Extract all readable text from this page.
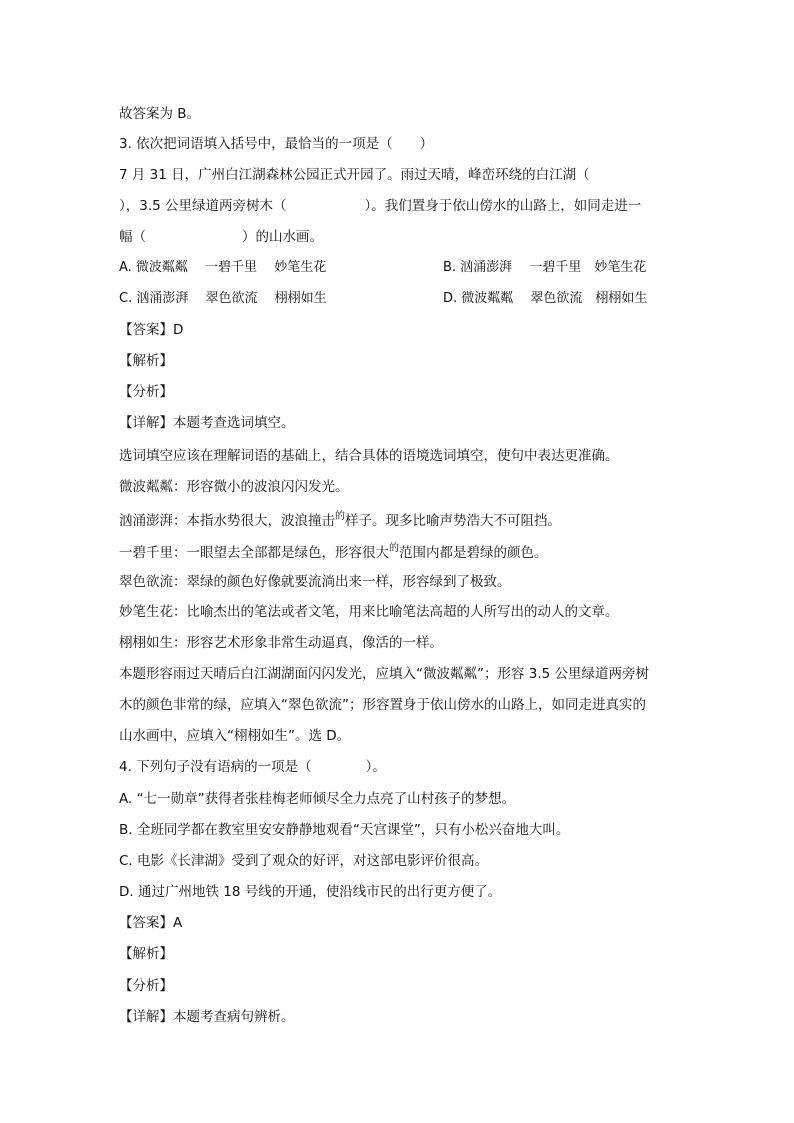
故答案为 B。
3. 依次把词语填入括号中，最恰当的一项是（　　）
7 月 31 日，广州白江湖森林公园正式开园了。雨过天晴，峰峦环绕的白江湖（
），3.5 公里绿道两旁树木（	）。我们置身于依山傍水的山路上，如同走进一
幅（	）的山水画。
A. 微波粼粼　 一碧千里　 妙笔生花	B. 汹涌澎湃　 一碧千里　妙笔生花
C. 汹涌澎湃　 翠色欲流　 栩栩如生	D. 微波粼粼　 翠色欲流　栩栩如生
【答案】D
【解析】
【分析】
【详解】本题考查选词填空。
选词填空应该在理解词语的基础上，结合具体的语境选词填空，使句中表达更准确。
微波粼粼：形容微小的波浪闪闪发光。
汹涌澎湃：本指水势很大，波浪撞击$^的$样子。现多比喻声势浩大不可阻挡。
一碧千里：一眼望去全部都是绿色，形容很大$^的$范围内都是碧绿的颜色。
翠色欲流：翠绿的颜色好像就要流淌出来一样，形容绿到了极致。
妙笔生花：比喻杰出的笔法或者文笔，用来比喻笔法高超的人所写出的动人的文章。
栩栩如生：形容艺术形象非常生动逼真，像活的一样。
本题形容雨过天晴后白江湖湖面闪闪发光，应填入“微波粼粼”；形容 3.5 公里绿道两旁树
木的颜色非常的绿，应填入“翠色欲流”；形容置身于依山傍水的山路上，如同走进真实的
山水画中，应填入“栩栩如生”。选 D。
4. 下列句子没有语病的一项是（　　　　）。
A. “七一勋章”获得者张桂梅老师倾尽全力点亮了山村孩子的梦想。
B. 全班同学都在教室里安安静静地观看“天宫课堂”，只有小松兴奋地大叫。
C. 电影《长津湖》受到了观众的好评，对这部电影评价很高。
D. 通过广州地铁 18 号线的开通，使沿线市民的出行更方便了。
【答案】A
【解析】
【分析】
【详解】本题考查病句辨析。
